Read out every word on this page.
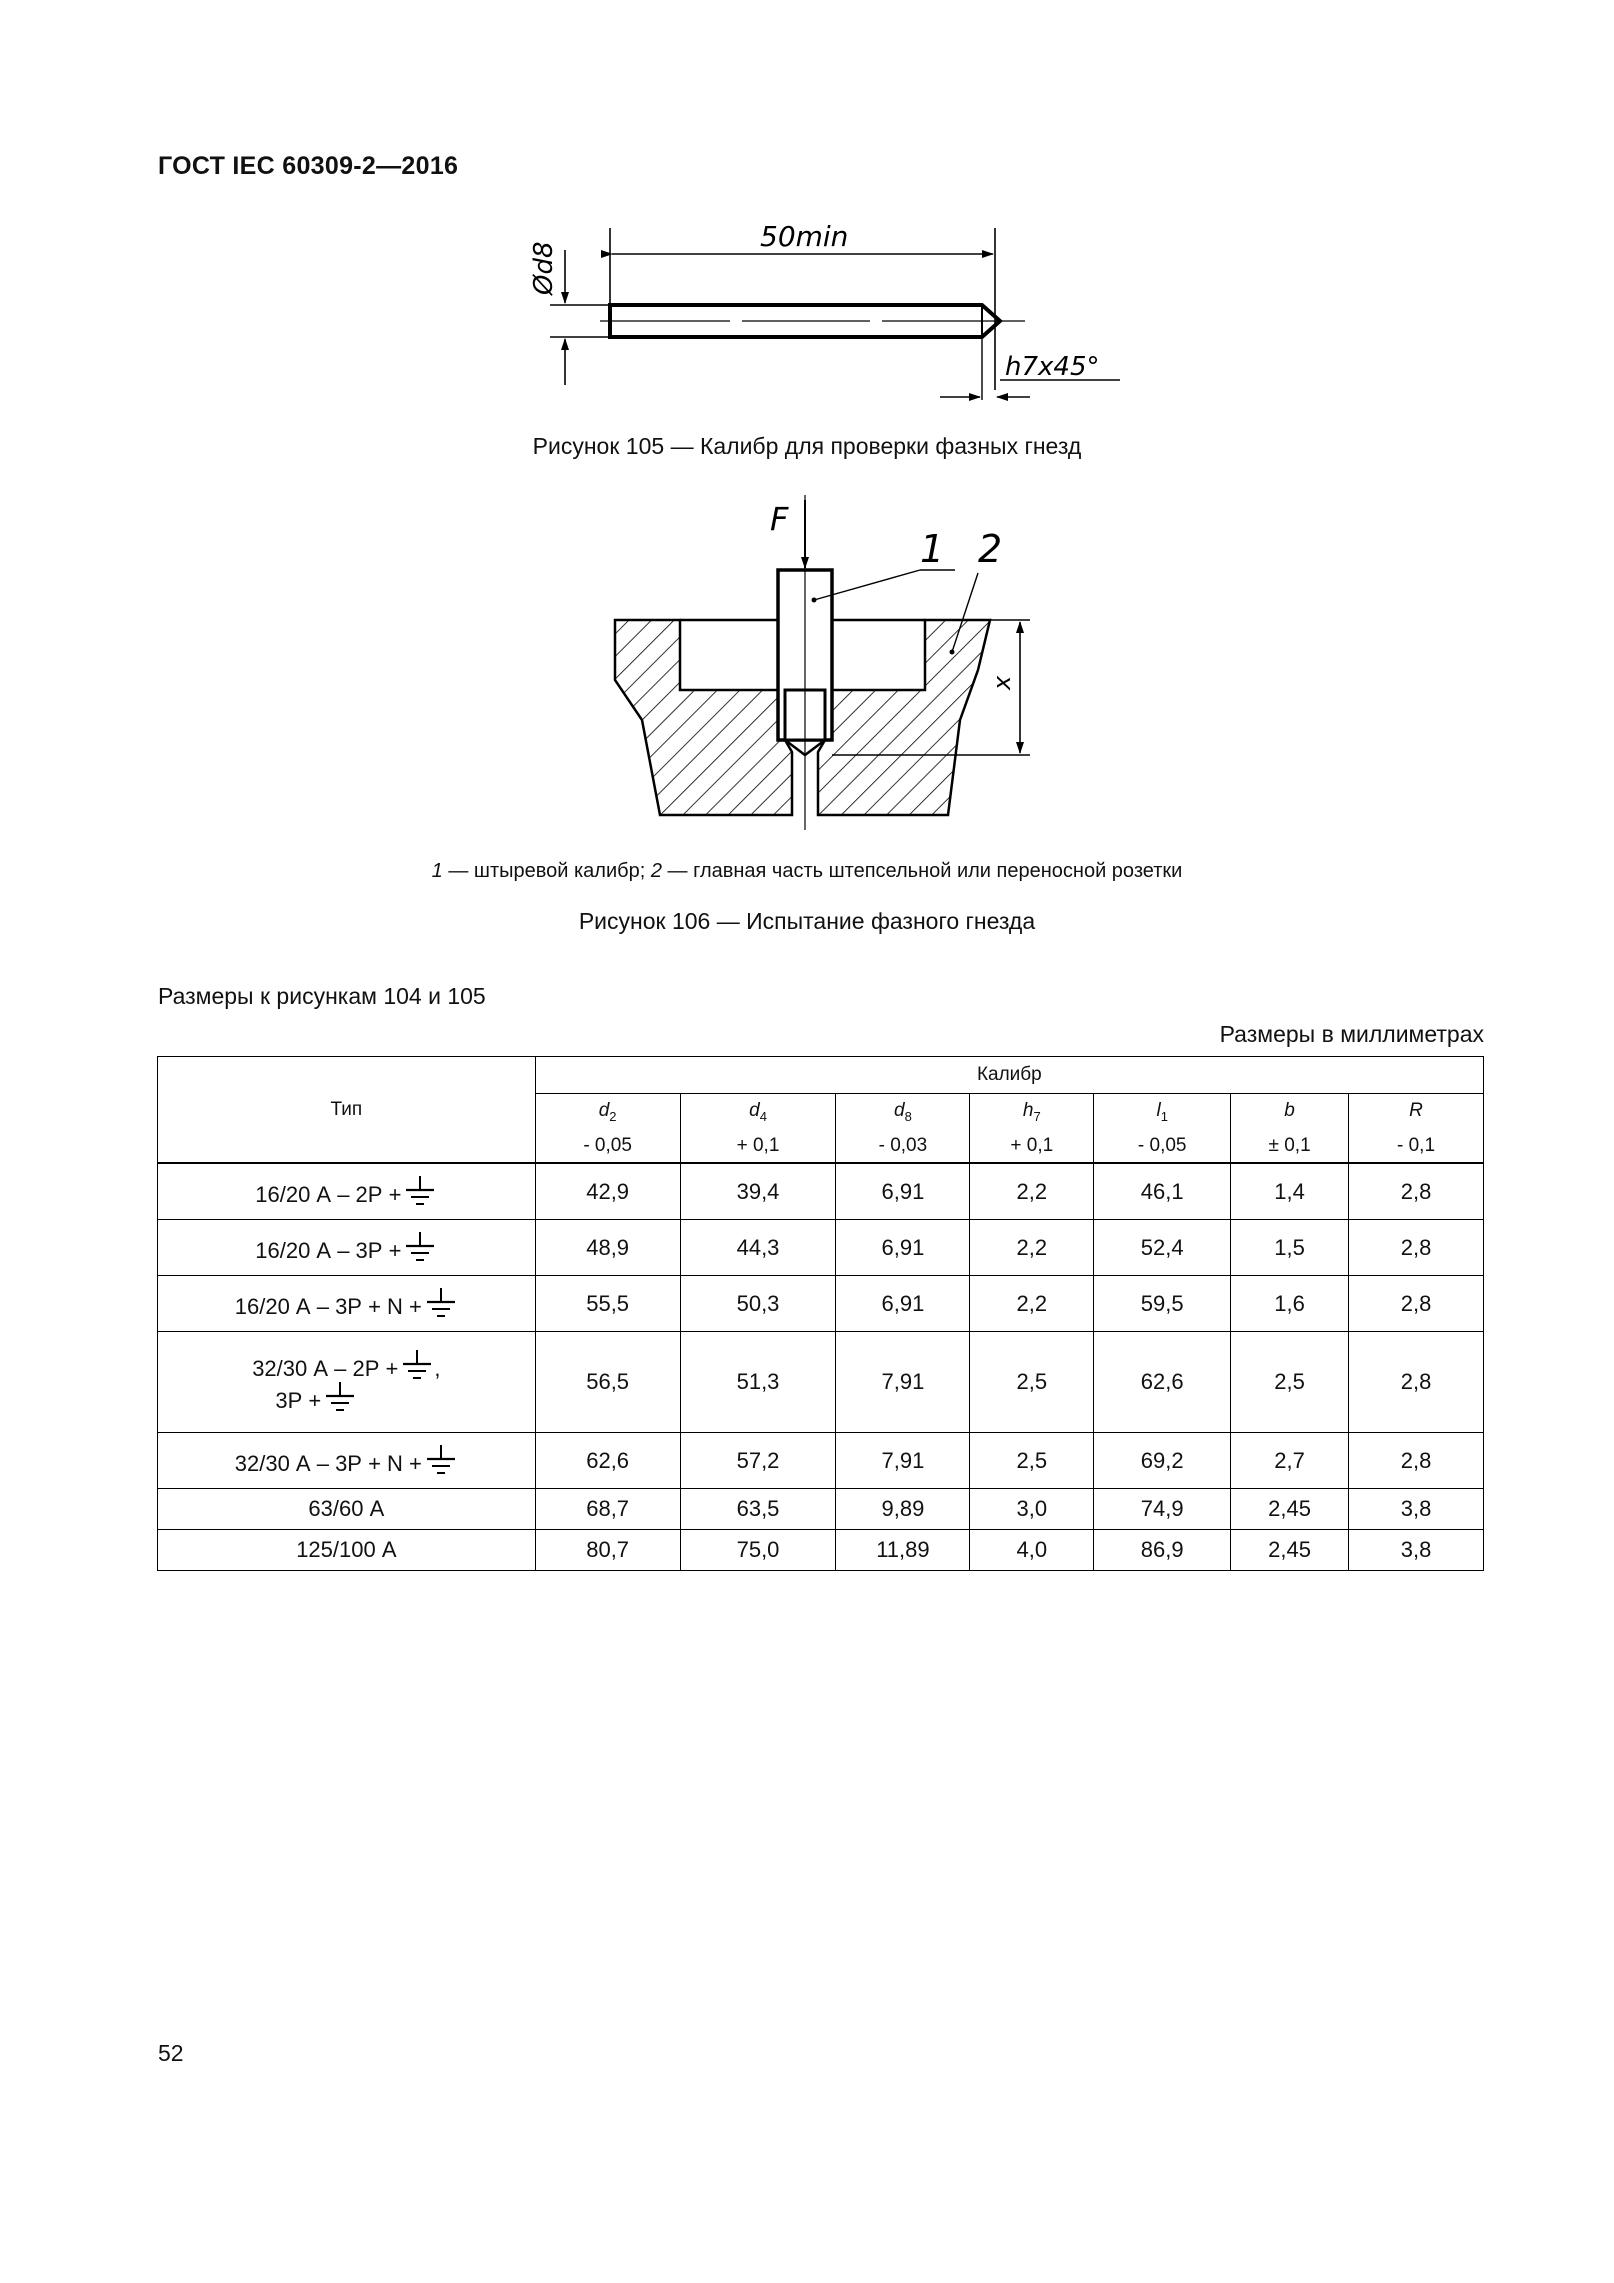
ГОСТ IEC 60309-2—2016
50min
Ød8
h7x45°
Рисунок 105 — Калибр для проверки фазных гнезд
F
1 2
x
1 — штыревой калибр; 2 — главная часть штепсельной или переносной розетки
Рисунок 106 — Испытание фазного гнезда
Размеры к рисункам 104 и 105
Размеры в миллиметрах
Тип	Калибр						
	$d_2$	$d_4$	$d_8$	$h_7$	$l_1$	b	R
	- 0,05	+ 0,1	- 0,03	+ 0,1	- 0,05	± 0,1	- 0,1
16/20 А – 2Р +	42,9	39,4	6,91	2,2	46,1	1,4	2,8
16/20 А – 3Р +	48,9	44,3	6,91	2,2	52,4	1,5	2,8
16/20 А – 3Р + N +	55,5	50,3	6,91	2,2	59,5	1,6	2,8

32/30 А – 2Р + ,
3Р +	56,5	51,3	7,91	2,5	62,6	2,5	2,8
32/30 А – 3Р + N +	62,6	57,2	7,91	2,5	69,2	2,7	2,8
63/60 А	68,7	63,5	9,89	3,0	74,9	2,45	3,8
125/100 А	80,7	75,0	11,89	4,0	86,9	2,45	3,8
52
